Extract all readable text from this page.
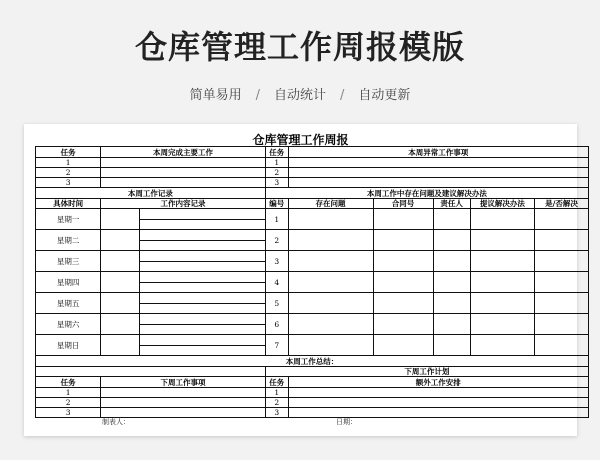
仓库管理工作周报模版
简单易用 / 自动统计 / 自动更新
仓库管理工作周报
任务	本周完成主要工作		任务	本周异常工作事项				
1			1					
2			2					
3			3					
本周工作记录			本周工作中存在问题及建议解决办法					
具体时间	工作内容记录		编号	存在问题	合同号	责任人	提议解决办法	是/否解决
星期一			1					

星期二			2					

星期三			3					

星期四			4					

星期五			5					

星期六			6					

星期日			7					

本周工作总结：								
			下周工作计划					
任务	下周工作事项		任务	额外工作安排				
1			1					
2			2					
3			3					
制表人：	日期：
